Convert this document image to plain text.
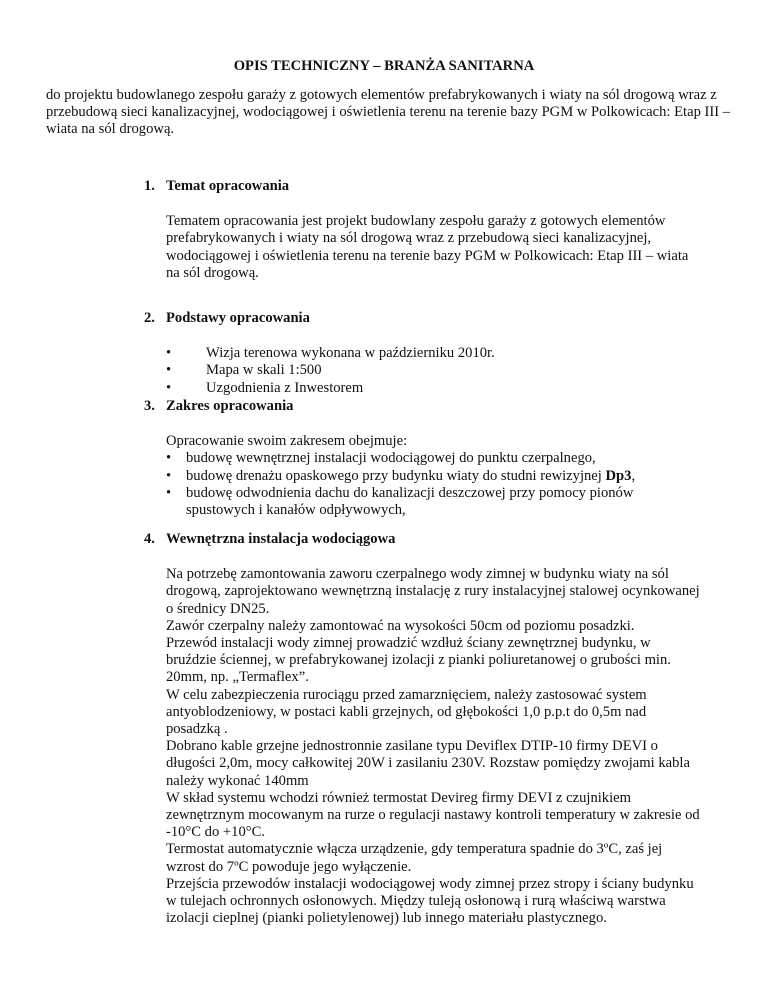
OPIS TECHNICZNY – BRANŻA SANITARNA

do projektu budowlanego zespołu garaży z gotowych elementów prefabrykowanych i wiaty na sól drogową wraz z przebudową sieci kanalizacyjnej, wodociągowej i oświetlenia terenu na terenie bazy PGM w Polkowicach: Etap III – wiata na sól drogową.

1. Temat opracowania

Tematem opracowania jest projekt budowlany zespołu garaży z gotowych elementów prefabrykowanych i wiaty na sól drogową wraz z przebudową sieci kanalizacyjnej, wodociągowej i oświetlenia terenu na terenie bazy PGM w Polkowicach: Etap III – wiata na sól drogową.

2. Podstawy opracowania

• Wizja terenowa wykonana w październiku 2010r.
• Mapa w skali 1:500
• Uzgodnienia z Inwestorem

3. Zakres opracowania

Opracowanie swoim zakresem obejmuje:

• budowę wewnętrznej instalacji wodociągowej do punktu czerpalnego,
• budowę drenażu opaskowego przy budynku wiaty do studni rewizyjnej Dp3,
• budowę odwodnienia dachu do kanalizacji deszczowej przy pomocy pionów spustowych i kanałów odpływowych,

4. Wewnętrzna instalacja wodociągowa

Na potrzebę zamontowania zaworu czerpalnego wody zimnej w budynku wiaty na sól drogową, zaprojektowano wewnętrzną instalację z rury instalacyjnej stalowej ocynkowanej o średnicy DN25.

Zawór czerpalny należy zamontować na wysokości 50cm od poziomu posadzki.

Przewód instalacji wody zimnej prowadzić wzdłuż ściany zewnętrznej budynku, w bruździe ściennej, w prefabrykowanej izolacji z pianki poliuretanowej o grubości min. 20mm, np. „Termaflex”.

W celu zabezpieczenia rurociągu przed zamarznięciem, należy zastosować system antyoblodzeniowy, w postaci kabli grzejnych, od głębokości 1,0 p.p.t do 0,5m nad posadzką .

Dobrano kable grzejne jednostronnie zasilane typu Deviflex DTIP-10 firmy DEVI o długości 2,0m, mocy całkowitej 20W i zasilaniu 230V. Rozstaw pomiędzy zwojami kabla należy wykonać 140mm

W skład systemu wchodzi również termostat Devireg firmy DEVI z czujnikiem zewnętrznym mocowanym na rurze o regulacji nastawy kontroli temperatury w zakresie od -10°C do +10°C.

Termostat automatycznie włącza urządzenie, gdy temperatura spadnie do 3ºC, zaś jej wzrost do 7ºC powoduje jego wyłączenie.

Przejścia przewodów instalacji wodociągowej wody zimnej przez stropy i ściany budynku w tulejach ochronnych osłonowych. Między tuleją osłonową i rurą właściwą warstwa izolacji cieplnej (pianki polietylenowej) lub innego materiału plastycznego.
